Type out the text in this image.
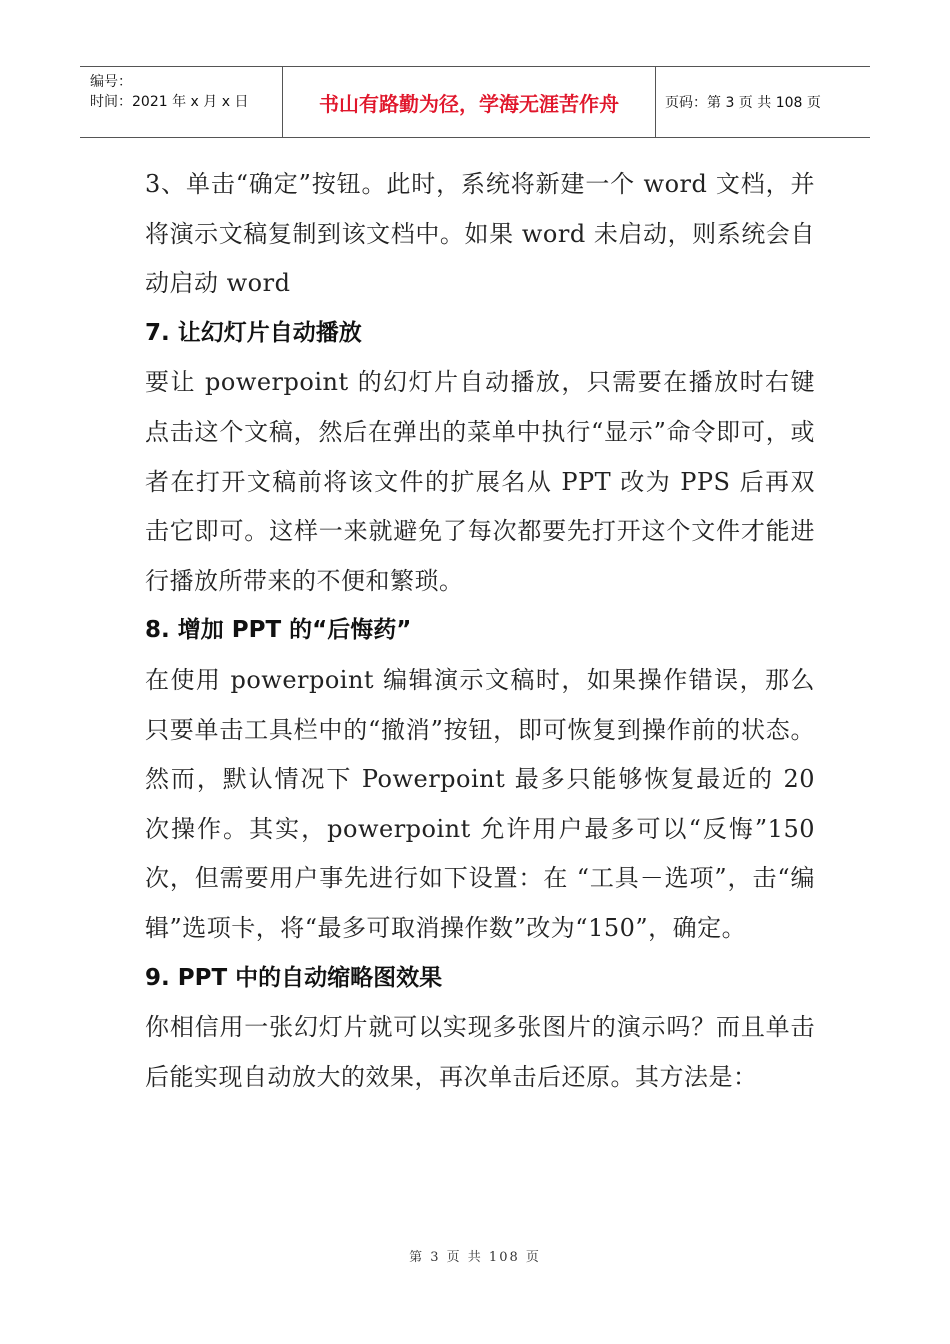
编号：
时间：2021 年 x 月 x 日	书山有路勤为径，学海无涯苦作舟	页码：第 3 页 共 108 页

3、单击“确定”按钮。此时，系统将新建一个 word 文档，并将演示文稿复制到该文档中。如果 word 未启动，则系统会自动启动 word

7. 让幻灯片自动播放

要让 powerpoint 的幻灯片自动播放，只需要在播放时右键点击这个文稿，然后在弹出的菜单中执行“显示”命令即可，或者在打开文稿前将该文件的扩展名从 PPT 改为 PPS 后再双击它即可。这样一来就避免了每次都要先打开这个文件才能进行播放所带来的不便和繁琐。

8. 增加 PPT 的“后悔药”

在使用 powerpoint 编辑演示文稿时，如果操作错误，那么只要单击工具栏中的“撤消”按钮，即可恢复到操作前的状态。然而，默认情况下 Powerpoint 最多只能够恢复最近的 20 次操作。其实，powerpoint 允许用户最多可以“反悔”150 次，但需要用户事先进行如下设置：在 “工具－选项”，击“编辑”选项卡，将“最多可取消操作数”改为“150”，确定。

9. PPT 中的自动缩略图效果

你相信用一张幻灯片就可以实现多张图片的演示吗？而且单击后能实现自动放大的效果，再次单击后还原。其方法是：

第 3 页 共 108 页
